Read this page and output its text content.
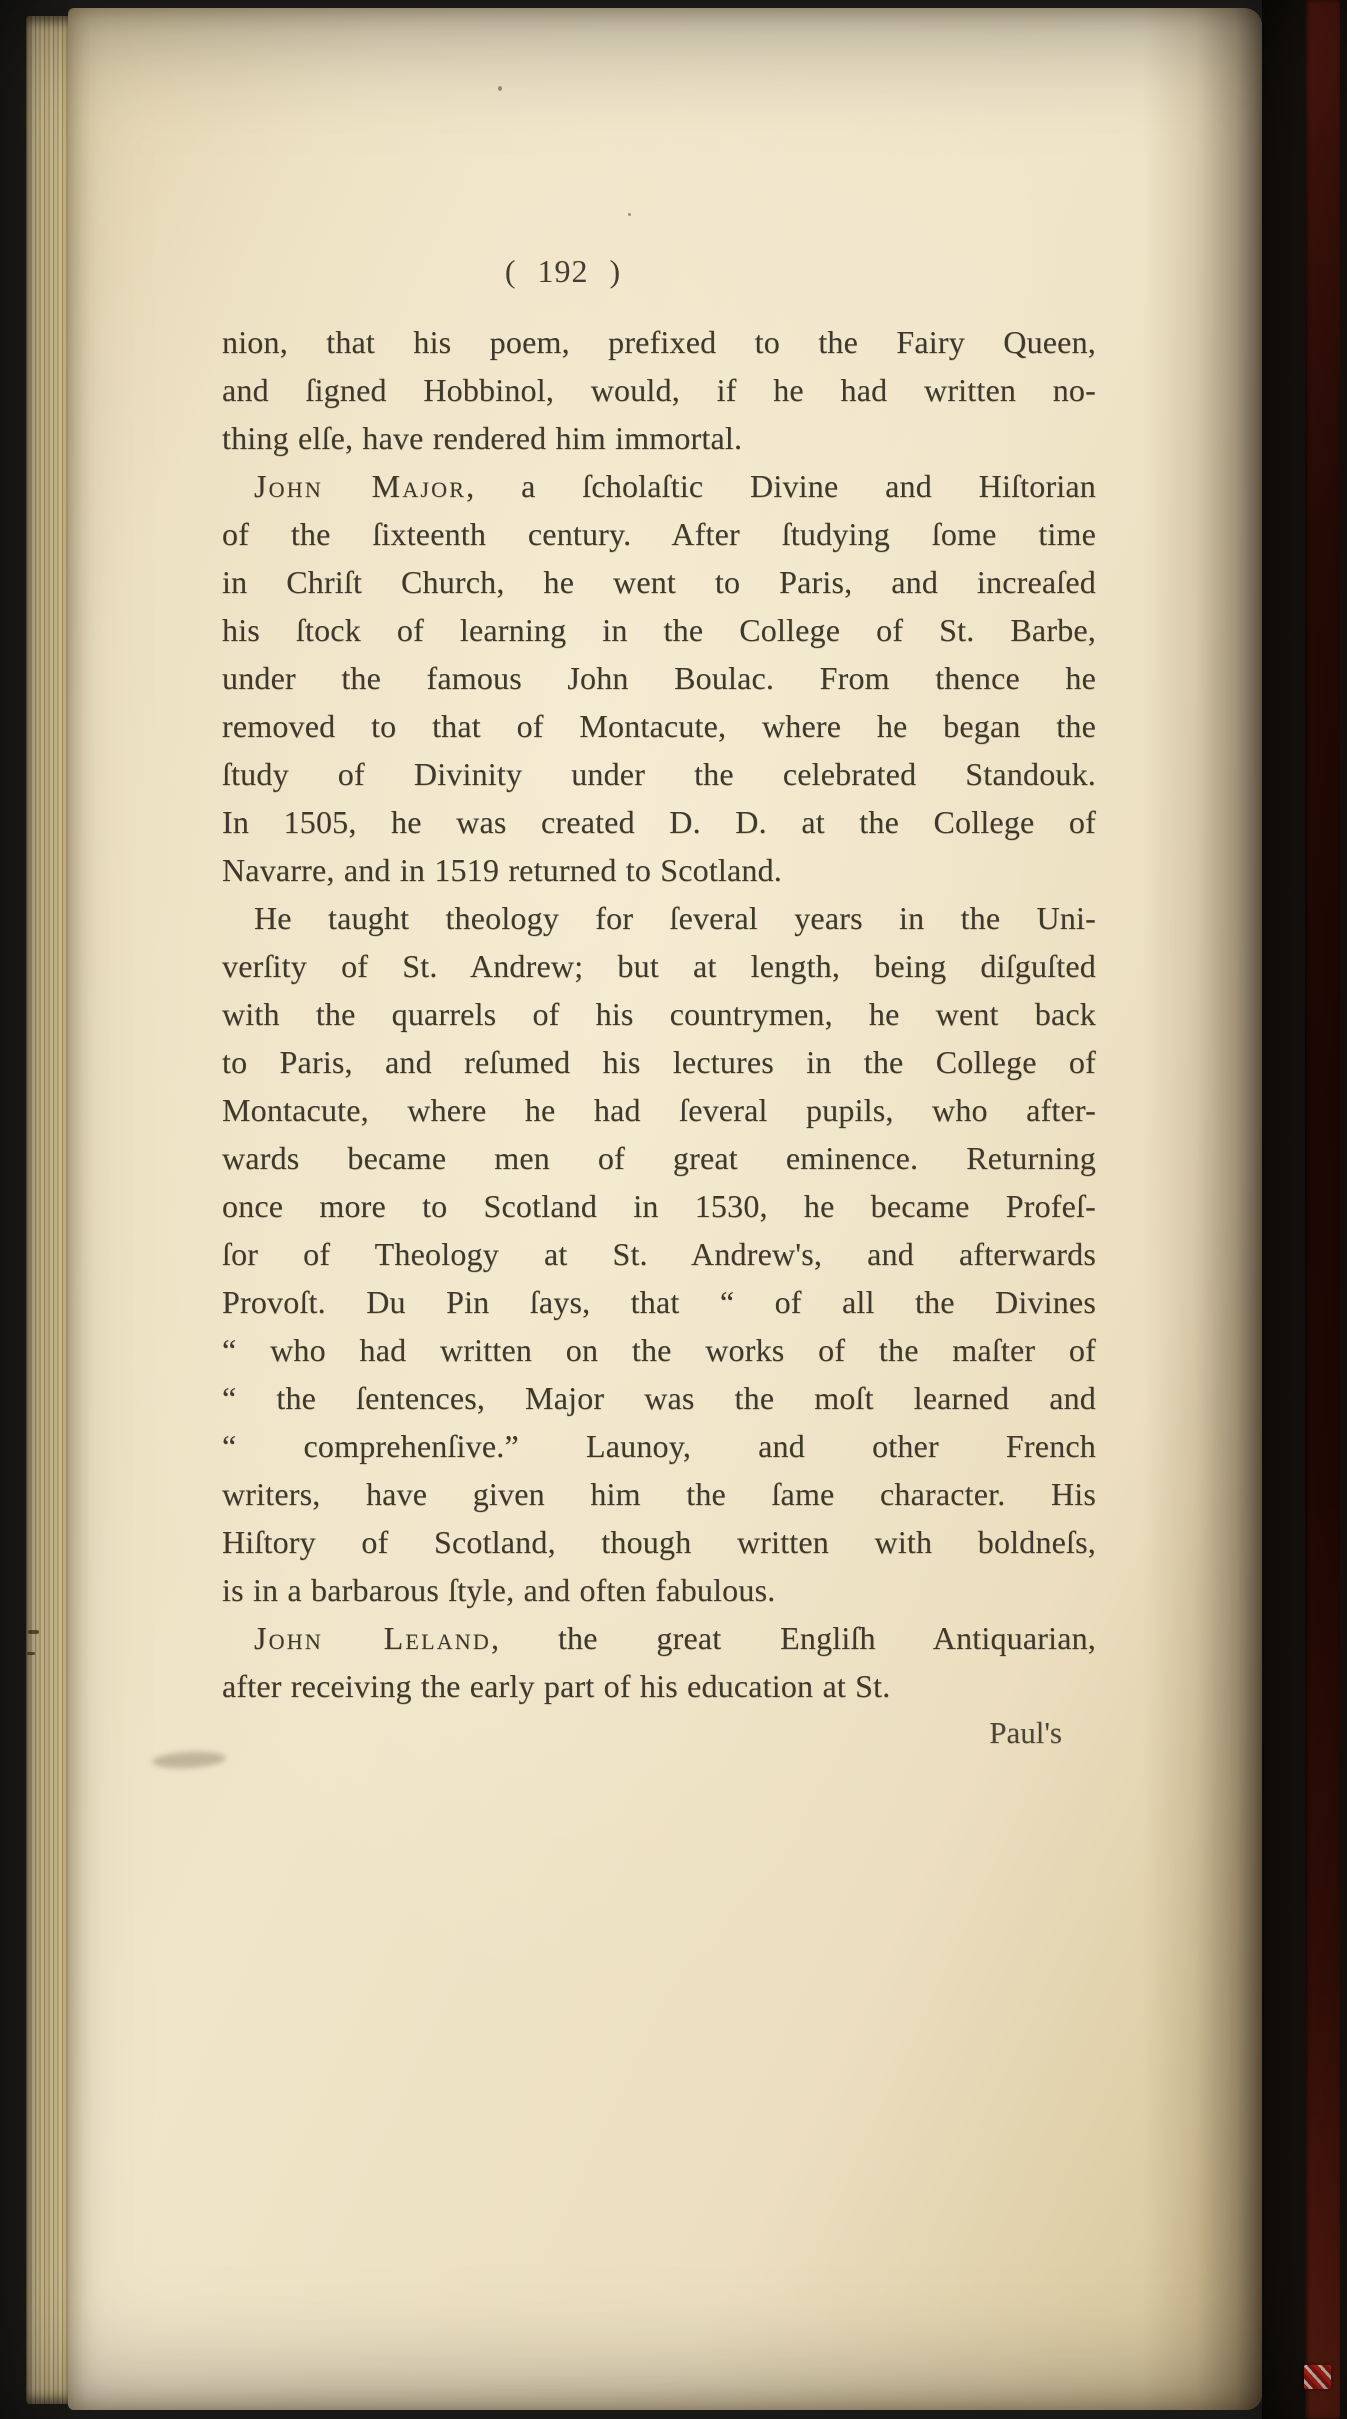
( 192 )
nion, that his poem, prefixed to the Fairy Queen,
and ſigned Hobbinol, would, if he had written no-
thing elſe, have rendered him immortal.
John Major, a ſcholaſtic Divine and Hiſtorian
of the ſixteenth century. After ſtudying ſome time
in Chriſt Church, he went to Paris, and increaſed
his ſtock of learning in the College of St. Barbe,
under the famous John Boulac. From thence he
removed to that of Montacute, where he began the
ſtudy of Divinity under the celebrated Standouk.
In 1505, he was created D. D. at the College of
Navarre, and in 1519 returned to Scotland.
He taught theology for ſeveral years in the Uni-
verſity of St. Andrew; but at length, being diſguſted
with the quarrels of his countrymen, he went back
to Paris, and reſumed his lectures in the College of
Montacute, where he had ſeveral pupils, who after-
wards became men of great eminence. Returning
once more to Scotland in 1530, he became Profeſ-
ſor of Theology at St. Andrew's, and afterwards
Provoſt. Du Pin ſays, that “ of all the Divines
“ who had written on the works of the maſter of
“ the ſentences, Major was the moſt learned and
“ comprehenſive.” Launoy, and other French
writers, have given him the ſame character. His
Hiſtory of Scotland, though written with boldneſs,
is in a barbarous ſtyle, and often fabulous.
John Leland, the great Engliſh Antiquarian,
after receiving the early part of his education at St.
Paul's
